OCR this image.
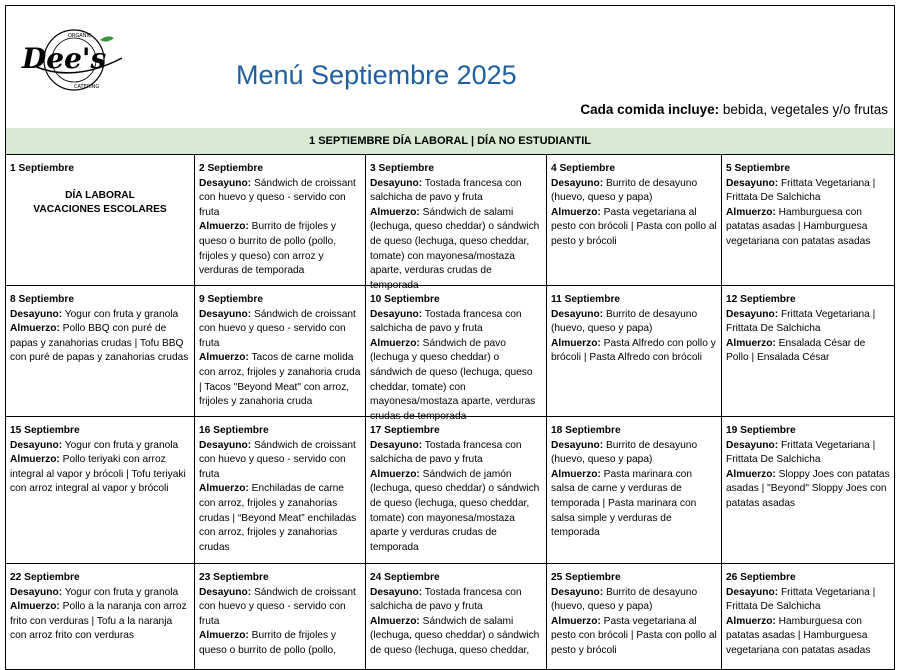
Dee's
ORGANIC
CATERING	Menú Septiembre 2025
Cada comida incluye: bebida, vegetales y/o frutas
1 SEPTIEMBRE DÍA LABORAL | DÍA NO ESTUDIANTIL
1 Septiembre
DÍA LABORAL
VACACIONES ESCOLARES
2 Septiembre
Desayuno: Sándwich de croissant con huevo y queso - servido con fruta
Almuerzo: Burrito de frijoles y queso o burrito de pollo (pollo, frijoles y queso) con arroz y verduras de temporada
3 Septiembre
Desayuno: Tostada francesa con salchicha de pavo y fruta
Almuerzo: Sándwich de salami (lechuga, queso cheddar) o sándwich de queso (lechuga, queso cheddar, tomate) con mayonesa/mostaza aparte, verduras crudas de temporada
4 Septiembre
Desayuno: Burrito de desayuno (huevo, queso y papa)
Almuerzo: Pasta vegetariana al pesto con brócoli | Pasta con pollo al pesto y brócoli
5 Septiembre
Desayuno: Frittata Vegetariana | Frittata De Salchicha
Almuerzo: Hamburguesa con patatas asadas | Hamburguesa vegetariana con patatas asadas
8 Septiembre
Desayuno: Yogur con fruta y granola
Almuerzo: Pollo BBQ con puré de papas y zanahorias crudas | Tofu BBQ con puré de papas y zanahorias crudas
9 Septiembre
Desayuno: Sándwich de croissant con huevo y queso - servido con fruta
Almuerzo: Tacos de carne molida con arroz, frijoles y zanahoria cruda | Tacos "Beyond Meat" con arroz, frijoles y zanahoria cruda
10 Septiembre
Desayuno: Tostada francesa con salchicha de pavo y fruta
Almuerzo: Sándwich de pavo (lechuga y queso cheddar) o sándwich de queso (lechuga, queso cheddar, tomate) con mayonesa/mostaza aparte, verduras crudas de temporada
11 Septiembre
Desayuno: Burrito de desayuno (huevo, queso y papa)
Almuerzo: Pasta Alfredo con pollo y brócoli | Pasta Alfredo con brócoli
12 Septiembre
Desayuno: Frittata Vegetariana | Frittata De Salchicha
Almuerzo: Ensalada César de Pollo | Ensalada César
15 Septiembre
Desayuno: Yogur con fruta y granola
Almuerzo: Pollo teriyaki con arroz integral al vapor y brócoli | Tofu teriyaki con arroz integral al vapor y brócoli
16 Septiembre
Desayuno: Sándwich de croissant con huevo y queso - servido con fruta
Almuerzo: Enchiladas de carne con arroz, frijoles y zanahorias crudas | “Beyond Meat” enchiladas con arroz, frijoles y zanahorias crudas
17 Septiembre
Desayuno: Tostada francesa con salchicha de pavo y fruta
Almuerzo: Sándwich de jamón (lechuga, queso cheddar) o sándwich de queso (lechuga, queso cheddar, tomate) con mayonesa/mostaza aparte y verduras crudas de temporada
18 Septiembre
Desayuno: Burrito de desayuno (huevo, queso y papa)
Almuerzo: Pasta marinara con salsa de carne y verduras de temporada | Pasta marinara con salsa simple y verduras de temporada
19 Septiembre
Desayuno: Frittata Vegetariana | Frittata De Salchicha
Almuerzo: Sloppy Joes con patatas asadas | "Beyond" Sloppy Joes con patatas asadas
22 Septiembre
Desayuno: Yogur con fruta y granola
Almuerzo: Pollo a la naranja con arroz frito con verduras | Tofu a la naranja con arroz frito con verduras
23 Septiembre
Desayuno: Sándwich de croissant con huevo y queso - servido con fruta
Almuerzo: Burrito de frijoles y queso o burrito de pollo (pollo,
24 Septiembre
Desayuno: Tostada francesa con salchicha de pavo y fruta
Almuerzo: Sándwich de salami (lechuga, queso cheddar) o sándwich de queso (lechuga, queso cheddar,
25 Septiembre
Desayuno: Burrito de desayuno (huevo, queso y papa)
Almuerzo: Pasta vegetariana al pesto con brócoli | Pasta con pollo al pesto y brócoli
26 Septiembre
Desayuno: Frittata Vegetariana | Frittata De Salchicha
Almuerzo: Hamburguesa con patatas asadas | Hamburguesa vegetariana con patatas asadas
